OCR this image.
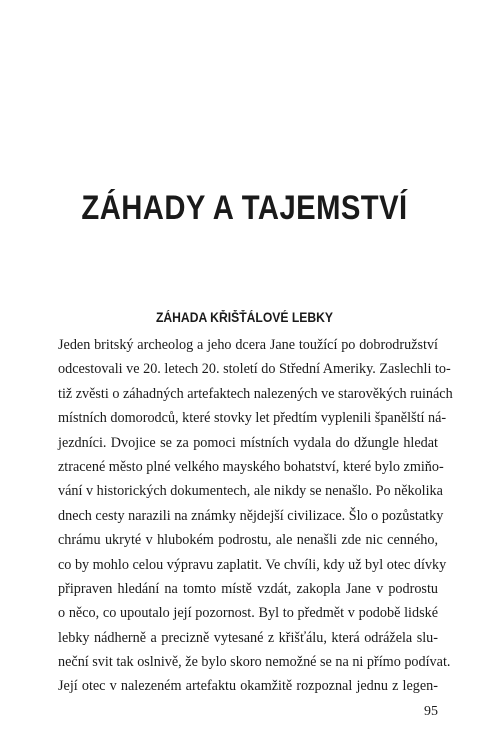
ZÁHADY A TAJEMSTVÍ
ZÁHADA KŘIŠŤÁLOVÉ LEBKY
Jeden britský archeolog a jeho dcera Jane toužící po dobrodružství
odcestovali ve 20. letech 20. století do Střední Ameriky. Zaslechli to-
tiž zvěsti o záhadných artefaktech nalezených ve starověkých ruinách
místních domorodců, které stovky let předtím vyplenili španělští ná-
jezdníci. Dvojice se za pomoci místních vydala do džungle hledat
ztracené město plné velkého mayského bohatství, které bylo zmiňo-
vání v historických dokumentech, ale nikdy se nenašlo. Po několika
dnech cesty narazili na známky nějdejší civilizace. Šlo o pozůstatky
chrámu ukryté v hlubokém podrostu, ale nenašli zde nic cenného,
co by mohlo celou výpravu zaplatit. Ve chvíli, kdy už byl otec dívky
připraven hledání na tomto místě vzdát, zakopla Jane v podrostu
o něco, co upoutalo její pozornost. Byl to předmět v podobě lidské
lebky nádherně a precizně vytesané z křišťálu, která odrážela slu-
neční svit tak oslnivě, že bylo skoro nemožné se na ni přímo podívat.
Její otec v nalezeném artefaktu okamžitě rozpoznal jednu z legen-
95
